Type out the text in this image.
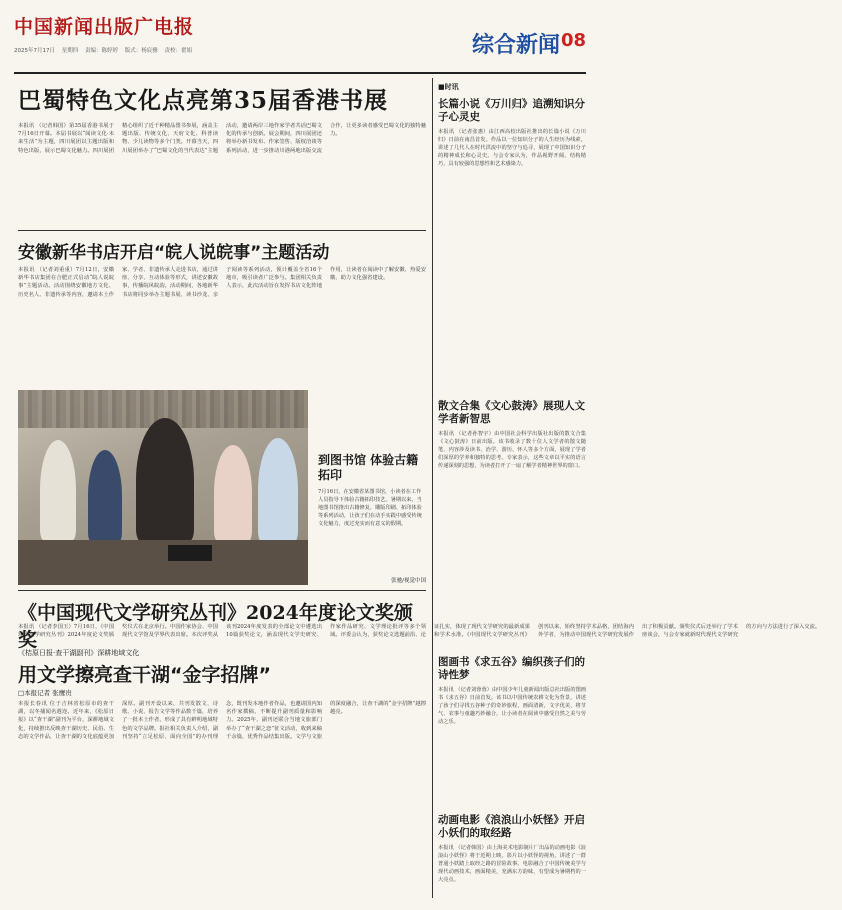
中国新闻出版广电报
2025年7月17日 星期四 责编：陈婷婷 版式：杨宸雅 责校：翟娟	综合新闻 08
巴蜀特色文化点亮第35届香港书展
本报讯 （记者韩国）第35届香港书展于7月16日开幕。本届书展以“阅读文化·未来生活”为主题，四川展团以主题出版和特色出版，展示巴蜀文化魅力。四川展团精心组织了近千种精品图书参展，涵盖主题出版、传统文化、天府文化、科普读物、少儿读物等多个门类。开幕当天，四川展团举办了“巴蜀文化的当代表达”主题活动，邀请两岸三地作家学者共话巴蜀文化的传承与创新。展会期间，四川展团还将举办新书发布、作家签售、版权洽谈等系列活动，进一步推动川港两地出版交流合作，让更多读者感受巴蜀文化的独特魅力。
安徽新华书店开启“皖人说皖事”主题活动
本报讯 （记者刘重重）7月12日，安徽新华书店集团在合肥正式启动“皖人说皖事”主题活动。活动围绕安徽地方文化、历史名人、非遗传承等内容，邀请本土作家、学者、非遗传承人走进书店，通过讲座、分享、互动体验等形式，讲述安徽故事，传播皖风皖韵。活动期间，各地新华书店将同步举办主题书展、读书沙龙、亲子阅读等系列活动，预计覆盖全省16个地市，吸引读者广泛参与。集团相关负责人表示，此次活动旨在发挥书店文化阵地作用，让读者在阅读中了解安徽、热爱安徽，助力文化强省建设。
到图书馆 体验古籍拓印
7月16日，在安徽省某图书馆，小读者在工作人员指导下体验古籍拓印技艺。暑期以来，当地图书馆推出古籍修复、雕版印刷、拓印体验等系列活动，让孩子们在动手实践中感受传统文化魅力，度过充实而有意义的假期。
张驰/视觉中国
《中国现代文学研究丛刊》2024年度论文奖颁奖
《桔原日报·查干湖副刊》深耕地域文化
用文学擦亮查干湖“金字招牌”
□本报记者 张鹰贵
本报长春讯 位于吉林省松原市的查干湖，以冬捕闻名遐迩。近年来，《松原日报》以“查干湖”副刊为平台，深耕地域文化，持续推出反映查干湖历史、民俗、生态的文学作品，让查干湖的文化底蕴更加深厚。副刊开设以来，共刊发散文、诗歌、小说、报告文学等作品数千篇，培养了一批本土作者，形成了具有鲜明地域特色的文学品牌。报社相关负责人介绍，副刊坚持“立足松原、面向全国”的办刊理念，既刊发本地作者作品，也邀请国内知名作家撰稿，不断提升副刊质量和影响力。2025年，副刊还联合当地文旅部门举办了“查干湖之恋”征文活动，收到来稿千余篇，优秀作品结集出版。文学与文旅的深度融合，让查干湖的“金字招牌”越擦越亮。
本报讯 （记者李国玉）7月16日，《中国现代文学研究丛刊》2024年度论文奖颁奖仪式在北京举行。中国作家协会、中国现代文学馆及学界代表出席。本次评奖从该刊2024年度发表的全部论文中遴选出10篇获奖论文，涵盖现代文学史研究、作家作品研究、文学理论批评等多个领域。评委会认为，获奖论文选题前沿、论证扎实，体现了现代文学研究的最新成果和学术水准。《中国现代文学研究丛刊》创刊以来，始终坚持学术品格，团结海内外学者，为推动中国现代文学研究发展作出了积极贡献。颁奖仪式后还举行了学术座谈会，与会专家就新时代现代文学研究的方向与方法进行了深入交流。
■时讯
长篇小说《万川归》追溯知识分子心灵史
本报讯 （记者张惠）由江西高校出版社推出的长篇小说《万川归》日前在南昌首发。作品以一位知识分子的人生经历为线索，讲述了几代人在时代洪流中的坚守与追寻，展现了中国知识分子的精神成长和心灵史。与会专家认为，作品视野开阔、结构精巧，具有较强的思想性和艺术感染力。
散文合集《文心鼓涛》展现人文学者新智思
本报讯 （记者孙智宇）由中国社会科学出版社出版的散文合集《文心鼓涛》日前出版。该书收录了数十位人文学者的散文随笔，内容涉及读书、治学、游历、怀人等多个方面，展现了学者们深厚的学养和独特的思考。专家表示，这些文章以平实的语言传递深刻的思想，为读者打开了一扇了解学者精神世界的窗口。
图画书《求五谷》编织孩子们的诗性梦
本报讯 （记者刘蓉蓉）由中国少年儿童新闻出版总社出版的图画书《求五谷》日前首发。该书以中国传统农耕文化为背景，讲述了孩子们寻找五谷种子的奇妙旅程，画面清新，文字优美，将节气、农事与童趣巧妙融合，让小读者在阅读中感受自然之美与劳动之乐。
动画电影《浪浪山小妖怪》开启小妖们的取经路
本报讯 （记者韩国）由上海美术电影制片厂出品的动画电影《浪浪山小妖怪》将于近期上映。影片以小妖怪的视角，讲述了一群普通小妖踏上取经之路的冒险故事。电影融合了中国传统美学与现代动画技术，画面精美，充满东方韵味，有望成为暑期档的一大亮点。
